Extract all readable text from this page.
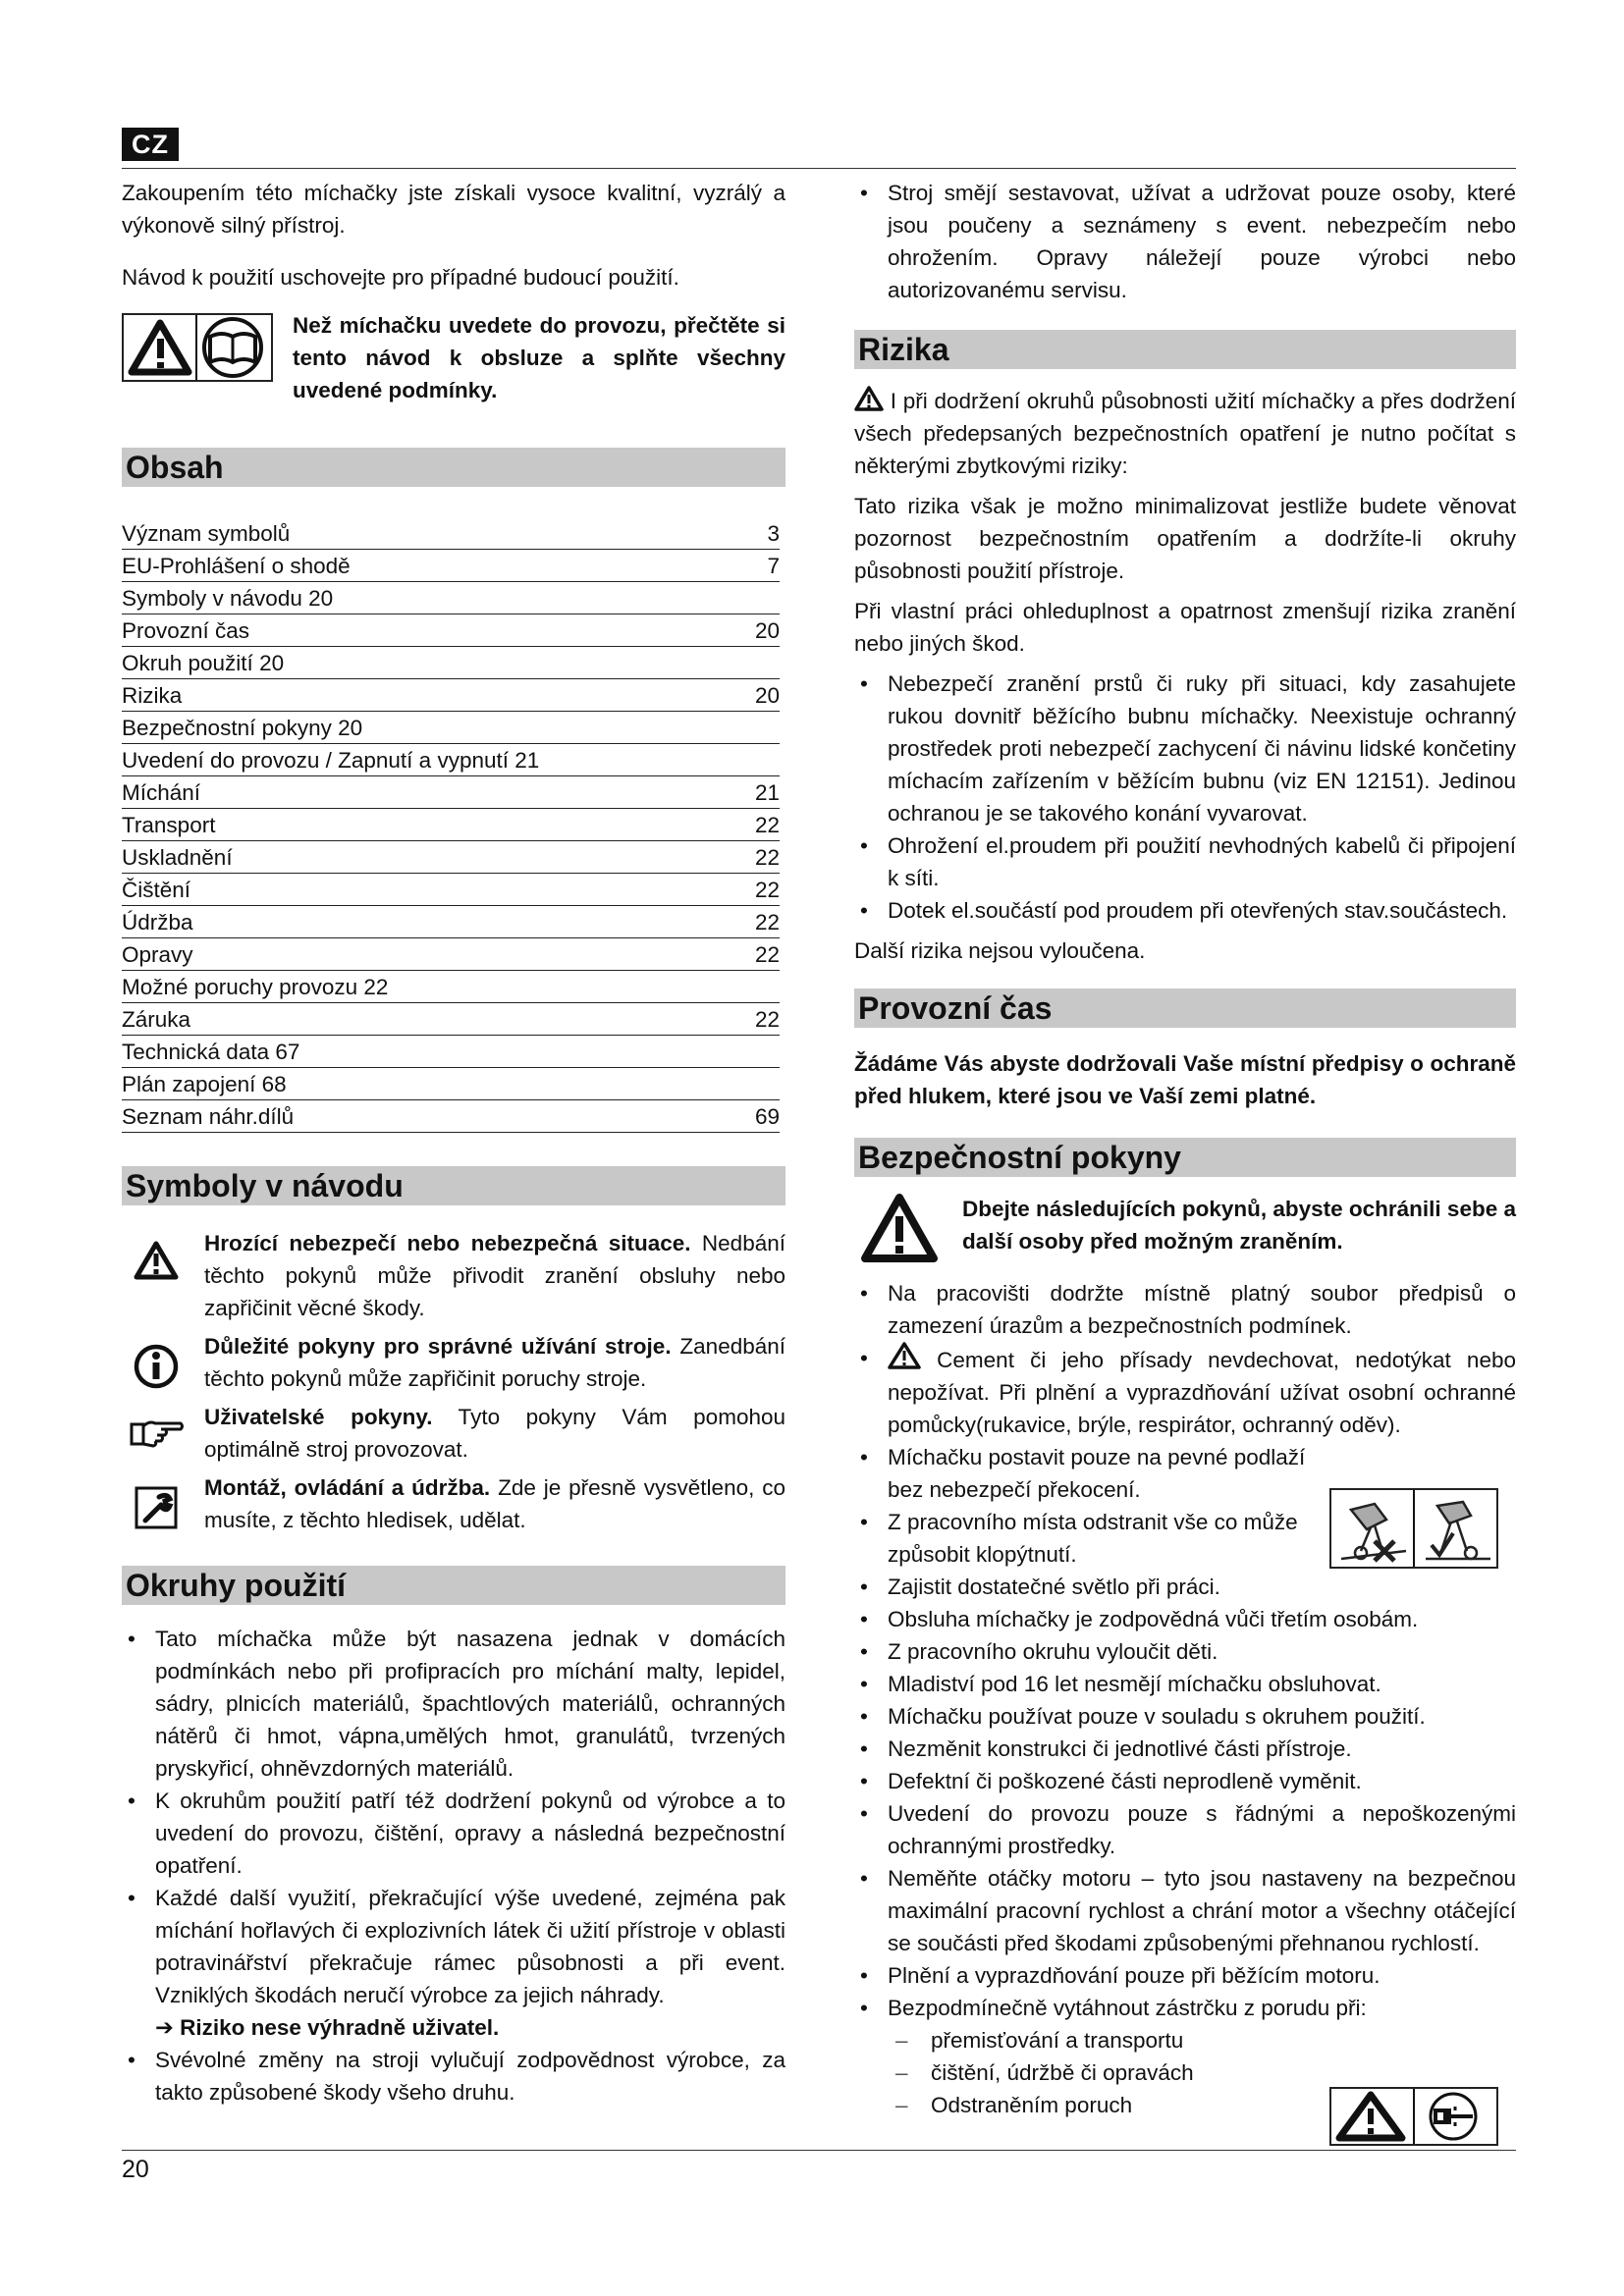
CZ

Zakoupením této míchačky jste získali vysoce kvalitní, vyzrálý a výkonově silný přístroj.

Návod k použití uschovejte pro případné budoucí použití.

Než míchačku uvedete do provozu, přečtěte si tento návod k obsluze a splňte všechny uvedené podmínky.

Obsah
Význam symbolů	3
EU-Prohlášení o shodě	7
Symboly v návodu 20
Provozní čas	20
Okruh použití 20
Rizika	20
Bezpečnostní pokyny 20
Uvedení do provozu / Zapnutí a vypnutí 21
Míchání	21
Transport	22
Uskladnění	22
Čištění	22
Údržba	22
Opravy	22
Možné poruchy provozu 22
Záruka	22
Technická data 67
Plán zapojení 68
Seznam náhr.dílů	69
Symboly v návodu
Hrozící nebezpečí nebo nebezpečná situace. Nedbání těchto pokynů může přivodit zranění obsluhy nebo zapřičinit věcné škody.
Důležité pokyny pro správné užívání stroje. Zanedbání těchto pokynů může zapřičinit poruchy stroje.
Uživatelské pokyny. Tyto pokyny Vám pomohou optimálně stroj provozovat.
Montáž, ovládání a údržba. Zde je přesně vysvětleno, co musíte, z těchto hledisek, udělat.
Okruhy použití
• Tato míchačka může být nasazena jednak v domácích podmínkách nebo při profipracích pro míchání malty, lepidel, sádry, plnicích materiálů, špachtlových materiálů, ochranných nátěrů či hmot, vápna,umělých hmot, granulátů, tvrzených pryskyřicí, ohněvzdorných materiálů.
• K okruhům použití patří též dodržení pokynů od výrobce a to uvedení do provozu, čištění, opravy a následná bezpečnostní opatření.
• Každé další využití, překračující výše uvedené, zejména pak míchání hořlavých či explozivních látek či užití přístroje v oblasti potravinářství překračuje rámec působnosti a při event. Vzniklých škodách neručí výrobce za jejich náhrady.
➔ Riziko nese výhradně uživatel.
• Svévolné změny na stroji vylučují zodpovědnost výrobce, za takto způsobené škody všeho druhu.
• Stroj smějí sestavovat, užívat a udržovat pouze osoby, které jsou poučeny a seznámeny s event. nebezpečím nebo ohrožením. Opravy náležejí pouze výrobci nebo autorizovanému servisu.
Rizika

I při dodržení okruhů působnosti užití míchačky a přes dodržení všech předepsaných bezpečnostních opatření je nutno počítat s některými zbytkovými riziky:

Tato rizika však je možno minimalizovat jestliže budete věnovat pozornost bezpečnostním opatřením a dodržíte-li okruhy působnosti použití přístroje.

Při vlastní práci ohleduplnost a opatrnost zmenšují rizika zranění nebo jiných škod.

• Nebezpečí zranění prstů či ruky při situaci, kdy zasahujete rukou dovnitř běžícího bubnu míchačky. Neexistuje ochranný prostředek proti nebezpečí zachycení či návinu lidské končetiny míchacím zařízením v běžícím bubnu (viz EN 12151). Jedinou ochranou je se takového konání vyvarovat.
• Ohrožení el.proudem při použití nevhodných kabelů či připojení k síti.
• Dotek el.součástí pod proudem při otevřených stav.součástech.

Další rizika nejsou vyloučena.

Provozní čas

Žádáme Vás abyste dodržovali Vaše místní předpisy o ochraně před hlukem, které jsou ve Vaší zemi platné.

Bezpečnostní pokyny

Dbejte následujících pokynů, abyste ochránili sebe a další osoby před možným zraněním.

• Na pracovišti dodržte místně platný soubor předpisů o zamezení úrazům a bezpečnostních podmínek.
• Cement či jeho přísady nevdechovat, nedotýkat nebo nepožívat. Při plnění a vyprazdňování užívat osobní ochranné pomůcky(rukavice, brýle, respirátor, ochranný oděv).
• Míchačku postavit pouze na pevné podlaží bez nebezpečí překocení.
• Z pracovního místa odstranit vše co může způsobit klopýtnutí.
• Zajistit dostatečné světlo při práci.
• Obsluha míchačky je zodpovědná vůči třetím osobám.
• Z pracovního okruhu vyloučit děti.
• Mladiství pod 16 let nesmějí míchačku obsluhovat.
• Míchačku používat pouze v souladu s okruhem použití.
• Nezměnit konstrukci či jednotlivé části přístroje.
• Defektní či poškozené části neprodleně vyměnit.
• Uvedení do provozu pouze s řádnými a nepoškozenými ochrannými prostředky.
• Neměňte otáčky motoru – tyto jsou nastaveny na bezpečnou maximální pracovní rychlost a chrání motor a všechny otáčející se součásti před škodami způsobenými přehnanou rychlostí.
• Plnění a vyprazdňování pouze při běžícím motoru.
• Bezpodmínečně vytáhnout zástrčku z porudu při:
– přemisťování a transportu
– čištění, údržbě či opravách
– Odstraněním poruch
20
